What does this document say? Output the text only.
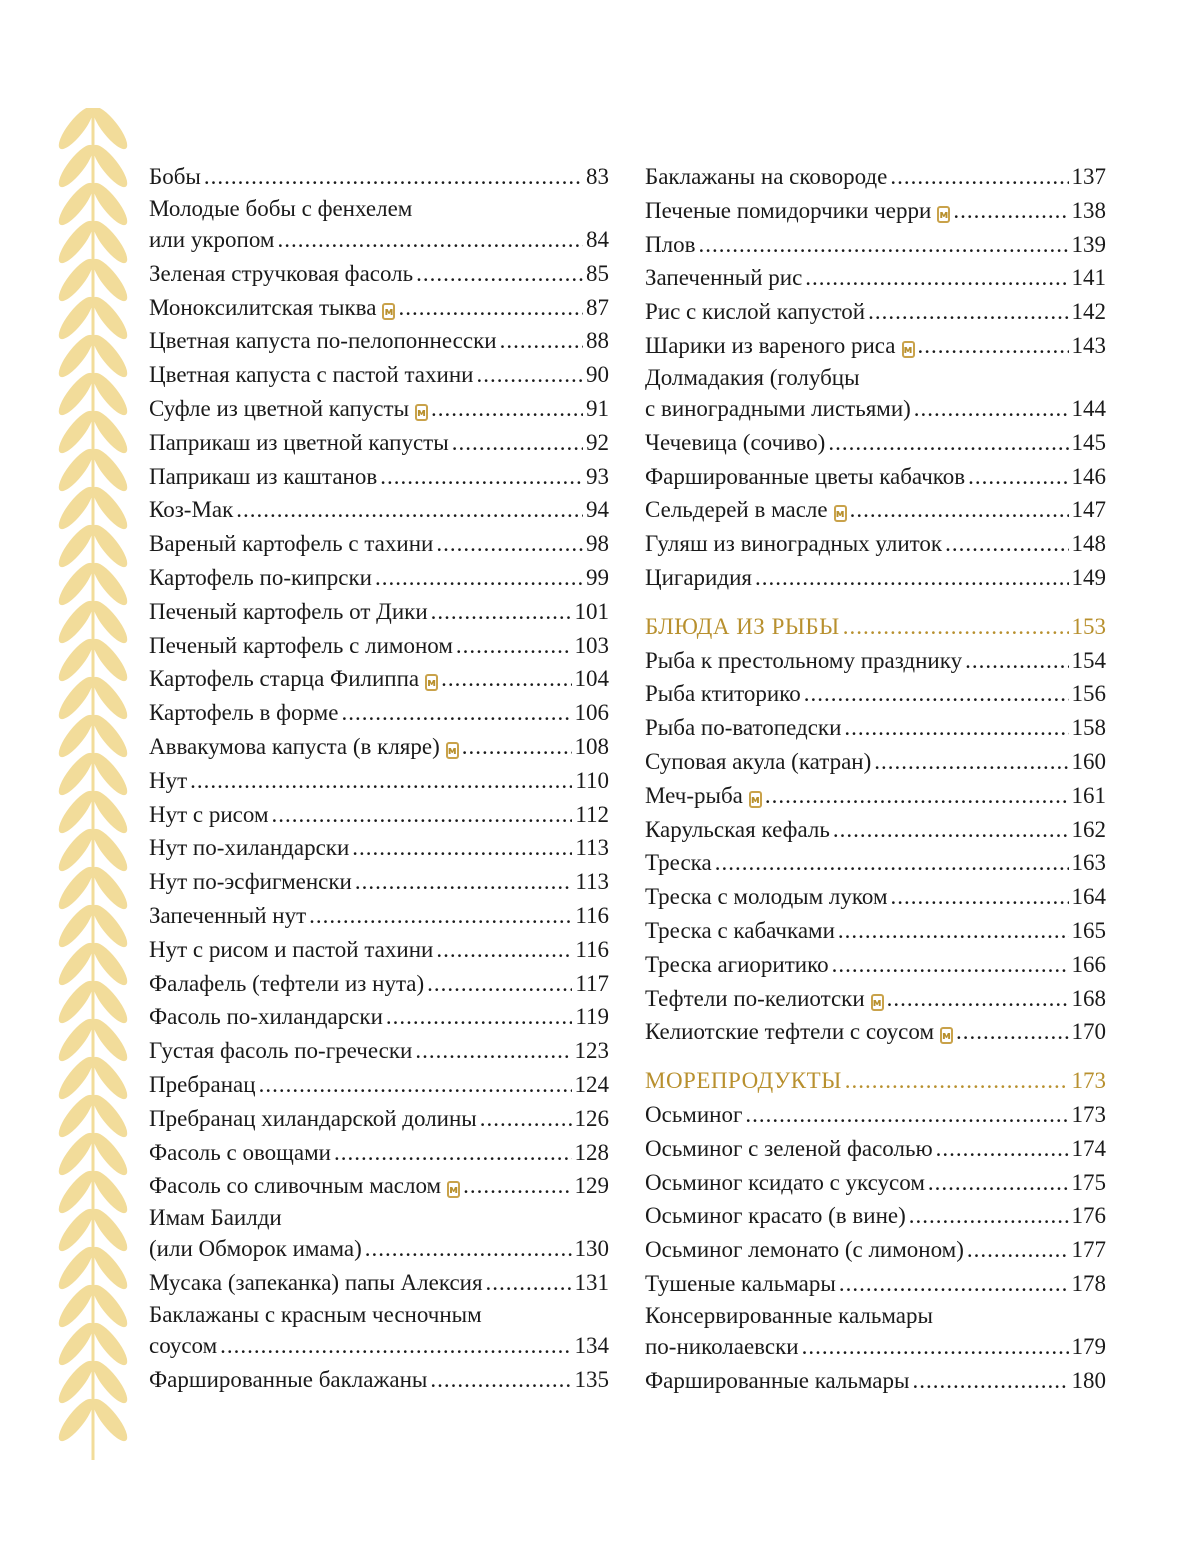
Бобы .....	83
Молодые бобы с фенхелем
или укропом .....	84
Зеленая стручковая фасоль .....	85
Моноксилитская тыква м .....	87
Цветная капуста по-пелопоннесски .....	88
Цветная капуста с пастой тахини .....	90
Суфле из цветной капусты м .....	91
Паприкаш из цветной капусты .....	92
Паприкаш из каштанов .....	93
Коз-Мак .....	94
Вареный картофель с тахини .....	98
Картофель по-кипрски .....	99
Печеный картофель от Дики .....	101
Печеный картофель с лимоном .....	103
Картофель старца Филиппа м .....	104
Картофель в форме .....	106
Аввакумова капуста (в кляре) м .....	108
Нут .....	110
Нут с рисом .....	112
Нут по-хиландарски .....	113
Нут по-эсфигменски .....	113
Запеченный нут .....	116
Нут с рисом и пастой тахини .....	116
Фалафель (тефтели из нута) .....	117
Фасоль по-хиландарски .....	119
Густая фасоль по-гречески .....	123
Пребранац .....	124
Пребранац хиландарской долины .....	126
Фасоль с овощами .....	128
Фасоль со сливочным маслом м .....	129
Имам Баилди
(или Обморок имама) .....	130
Мусака (запеканка) папы Алексия .....	131
Баклажаны с красным чесночным
соусом .....	134
Фаршированные баклажаны .....	135
Баклажаны на сковороде .....	137
Печеные помидорчики черри м .....	138
Плов .....	139
Запеченный рис .....	141
Рис с кислой капустой .....	142
Шарики из вареного риса м .....	143
Долмадакия (голубцы
с виноградными листьями) .....	144
Чечевица (сочиво) .....	145
Фаршированные цветы кабачков .....	146
Сельдерей в масле м .....	147
Гуляш из виноградных улиток .....	148
Цигаридия .....	149
БЛЮДА ИЗ РЫБЫ .....	153
Рыба к престольному празднику .....	154
Рыба ктиторико .....	156
Рыба по-ватопедски .....	158
Суповая акула (катран) .....	160
Меч-рыба м .....	161
Карульская кефаль .....	162
Треска .....	163
Треска с молодым луком .....	164
Треска с кабачками .....	165
Треска агиоритико .....	166
Тефтели по-келиотски м .....	168
Келиотские тефтели с соусом м .....	170
МОРЕПРОДУКТЫ .....	173
Осьминог .....	173
Осьминог с зеленой фасолью .....	174
Осьминог ксидато с уксусом .....	175
Осьминог красато (в вине) .....	176
Осьминог лемонато (с лимоном) .....	177
Тушеные кальмары .....	178
Консервированные кальмары
по-николаевски .....	179
Фаршированные кальмары .....	180
